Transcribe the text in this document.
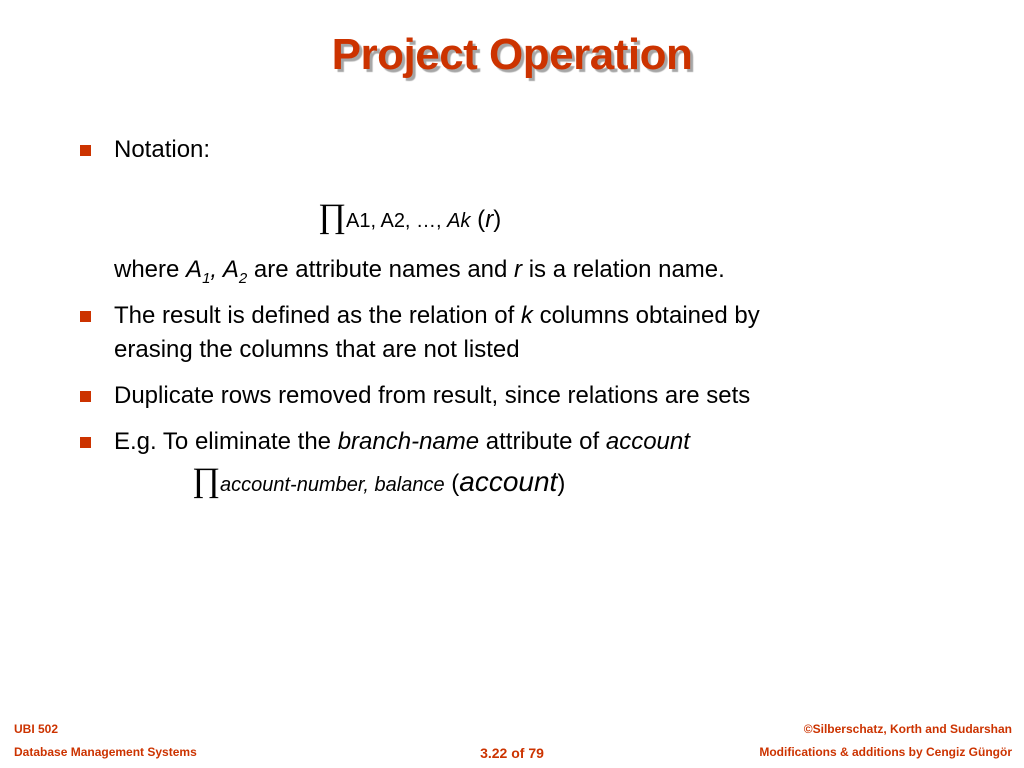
Project Operation
Notation:
∏A1, A2, …, Ak (r)
where $A_1$, $A_2$ are attribute names and r is a relation name.
The result is defined as the relation of k columns obtained by
erasing the columns that are not listed
Duplicate rows removed from result, since relations are sets
E.g. To eliminate the branch-name attribute of account
∏account-number, balance (account)
UBI 502
Database Management Systems	3.22 of 79
©Silberschatz, Korth and Sudarshan
Modifications & additions by Cengiz Güngör
